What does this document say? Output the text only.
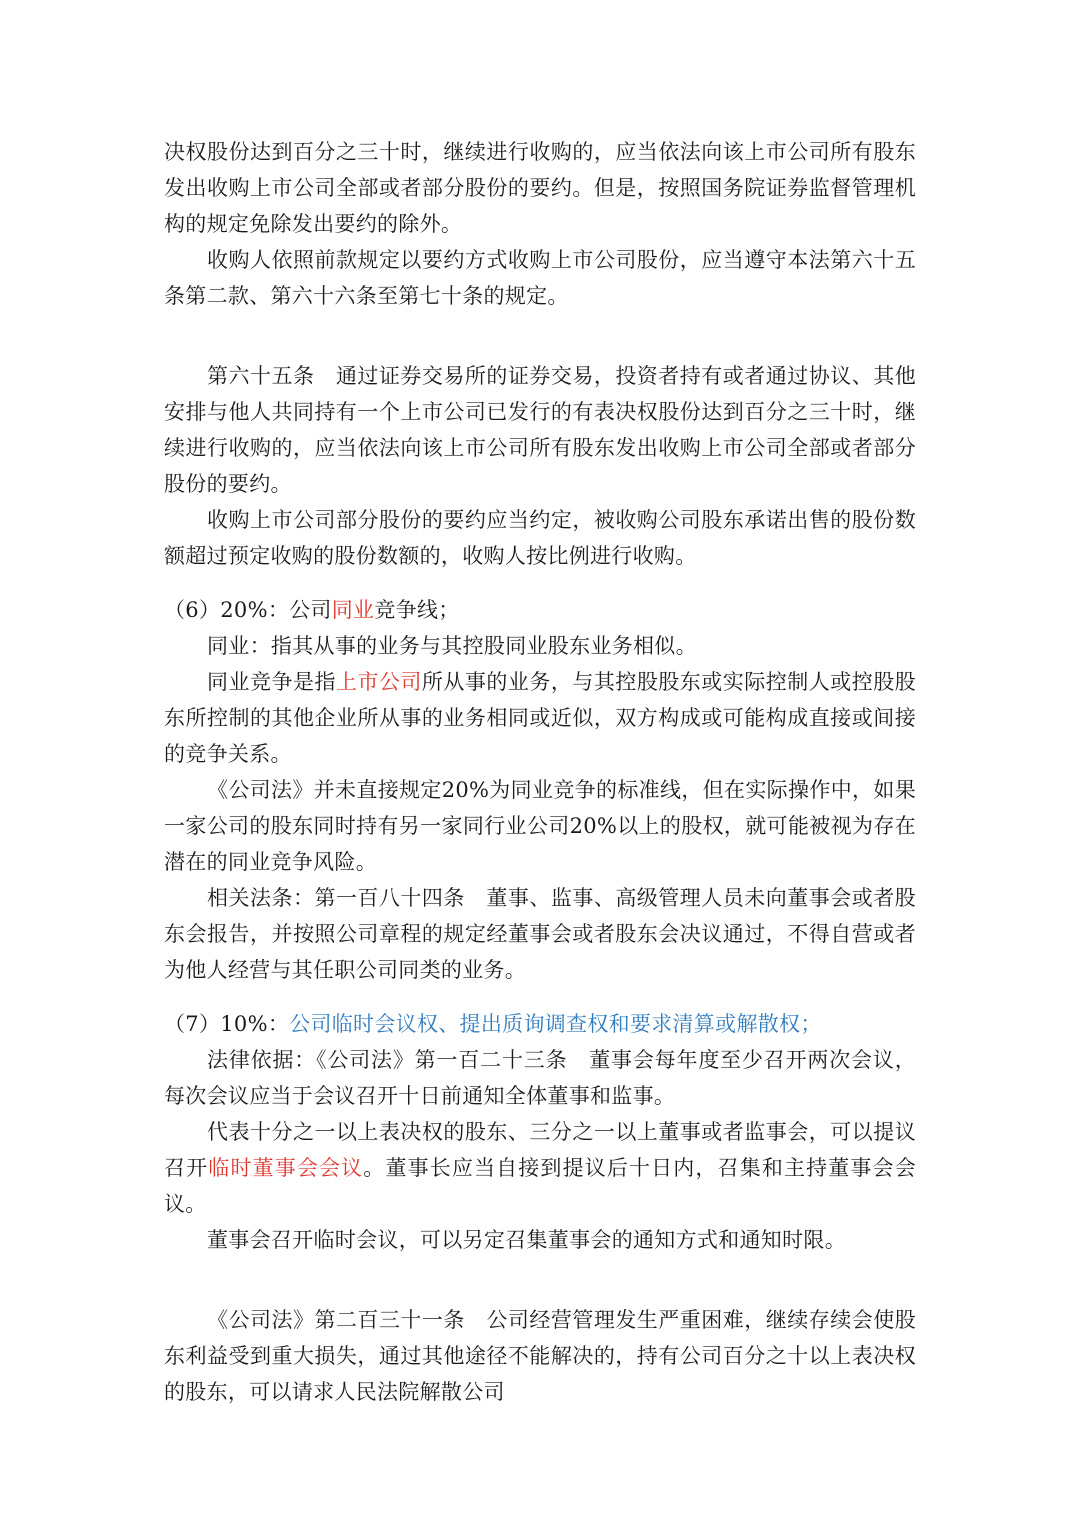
决权股份达到百分之三十时，继续进行收购的，应当依法向该上市公司所有股东发出收购上市公司全部或者部分股份的要约。但是，按照国务院证券监督管理机构的规定免除发出要约的除外。

收购人依照前款规定以要约方式收购上市公司股份，应当遵守本法第六十五条第二款、第六十六条至第七十条的规定。

第六十五条　通过证券交易所的证券交易，投资者持有或者通过协议、其他安排与他人共同持有一个上市公司已发行的有表决权股份达到百分之三十时，继续进行收购的，应当依法向该上市公司所有股东发出收购上市公司全部或者部分股份的要约。

收购上市公司部分股份的要约应当约定，被收购公司股东承诺出售的股份数额超过预定收购的股份数额的，收购人按比例进行收购。

（6）20%：公司同业竞争线；

同业：指其从事的业务与其控股同业股东业务相似。

同业竞争是指上市公司所从事的业务，与其控股股东或实际控制人或控股股东所控制的其他企业所从事的业务相同或近似，双方构成或可能构成直接或间接的竞争关系。

《公司法》并未直接规定20%为同业竞争的标准线，但在实际操作中，如果一家公司的股东同时持有另一家同行业公司20%以上的股权，就可能被视为存在潜在的同业竞争风险。

相关法条：第一百八十四条　董事、监事、高级管理人员未向董事会或者股东会报告，并按照公司章程的规定经董事会或者股东会决议通过，不得自营或者为他人经营与其任职公司同类的业务。

（7）10%：公司临时会议权、提出质询调查权和要求清算或解散权；

法律依据：《公司法》第一百二十三条　董事会每年度至少召开两次会议，每次会议应当于会议召开十日前通知全体董事和监事。

代表十分之一以上表决权的股东、三分之一以上董事或者监事会，可以提议召开临时董事会会议。董事长应当自接到提议后十日内，召集和主持董事会会议。

董事会召开临时会议，可以另定召集董事会的通知方式和通知时限。

《公司法》第二百三十一条　公司经营管理发生严重困难，继续存续会使股东利益受到重大损失，通过其他途径不能解决的，持有公司百分之十以上表决权的股东，可以请求人民法院解散公司
